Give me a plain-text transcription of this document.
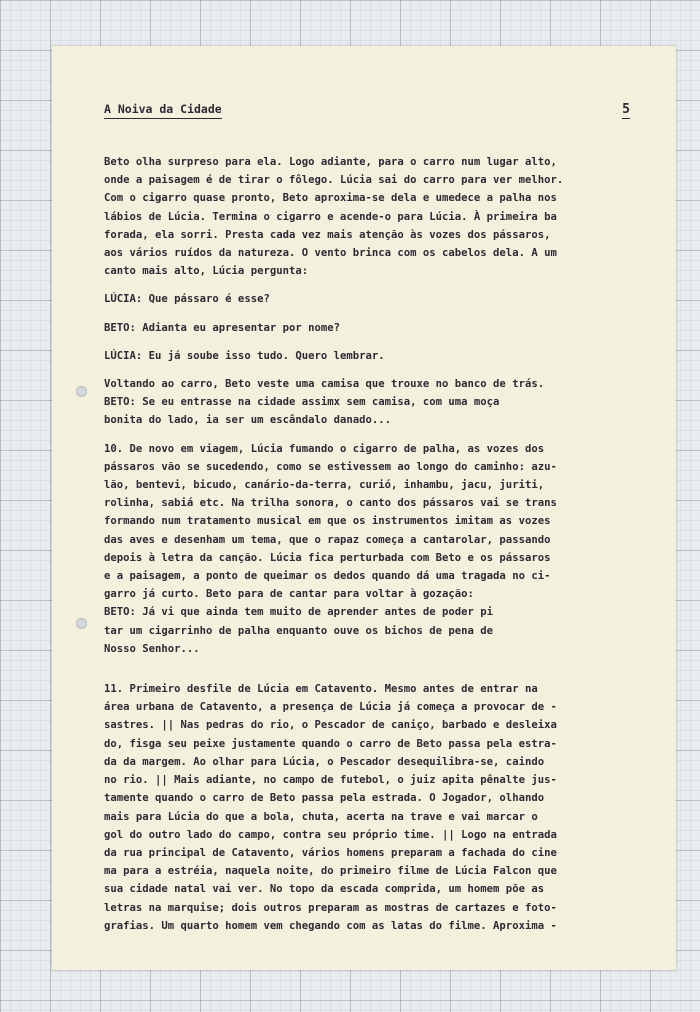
A Noiva da Cidade	5
Beto olha surpreso para ela. Logo adiante, para o carro num lugar alto,
onde a paisagem é de tirar o fôlego. Lúcia sai do carro para ver melhor.
Com o cigarro quase pronto, Beto aproxima-se dela e umedece a palha nos
lábios de Lúcia. Termina o cigarro e acende-o para Lúcia. À primeira ba
forada, ela sorri. Presta cada vez mais atenção às vozes dos pássaros,
aos vários ruídos da natureza. O vento brinca com os cabelos dela. A um
canto mais alto, Lúcia pergunta:
LÚCIA: Que pássaro é esse?
BETO: Adianta eu apresentar por nome?
LÚCIA: Eu já soube isso tudo. Quero lembrar.
Voltando ao carro, Beto veste uma camisa que trouxe no banco de trás.
BETO: Se eu entrasse na cidade assimx sem camisa, com uma moça
bonita do lado, ia ser um escândalo danado...
10. De novo em viagem, Lúcia fumando o cigarro de palha, as vozes dos
pássaros vão se sucedendo, como se estivessem ao longo do caminho: azu-
lão, bentevi, bicudo, canário-da-terra, curió, inhambu, jacu, juriti,
rolinha, sabiá etc. Na trilha sonora, o canto dos pássaros vai se trans
formando num tratamento musical em que os instrumentos imitam as vozes
das aves e desenham um tema, que o rapaz começa a cantarolar, passando
depois à letra da canção. Lúcia fica perturbada com Beto e os pássaros
e a paisagem, a ponto de queimar os dedos quando dá uma tragada no ci-
garro já curto. Beto para de cantar para voltar à gozação:
BETO: Já vi que ainda tem muito de aprender antes de poder pi
tar um cigarrinho de palha enquanto ouve os bichos de pena de
Nosso Senhor...
11. Primeiro desfile de Lúcia em Catavento. Mesmo antes de entrar na
área urbana de Catavento, a presença de Lúcia já começa a provocar de -
sastres. || Nas pedras do rio, o Pescador de caniço, barbado e desleixa
do, fisga seu peixe justamente quando o carro de Beto passa pela estra-
da da margem. Ao olhar para Lúcia, o Pescador desequilibra-se, caindo
no rio. || Mais adiante, no campo de futebol, o juiz apita pênalte jus-
tamente quando o carro de Beto passa pela estrada. O Jogador, olhando
mais para Lúcia do que a bola, chuta, acerta na trave e vai marcar o
gol do outro lado do campo, contra seu próprio time. || Logo na entrada
da rua principal de Catavento, vários homens preparam a fachada do cine
ma para a estréia, naquela noite, do primeiro filme de Lúcia Falcon que
sua cidade natal vai ver. No topo da escada comprida, um homem põe as
letras na marquise; dois outros preparam as mostras de cartazes e foto-
grafias. Um quarto homem vem chegando com as latas do filme. Aproxima -
